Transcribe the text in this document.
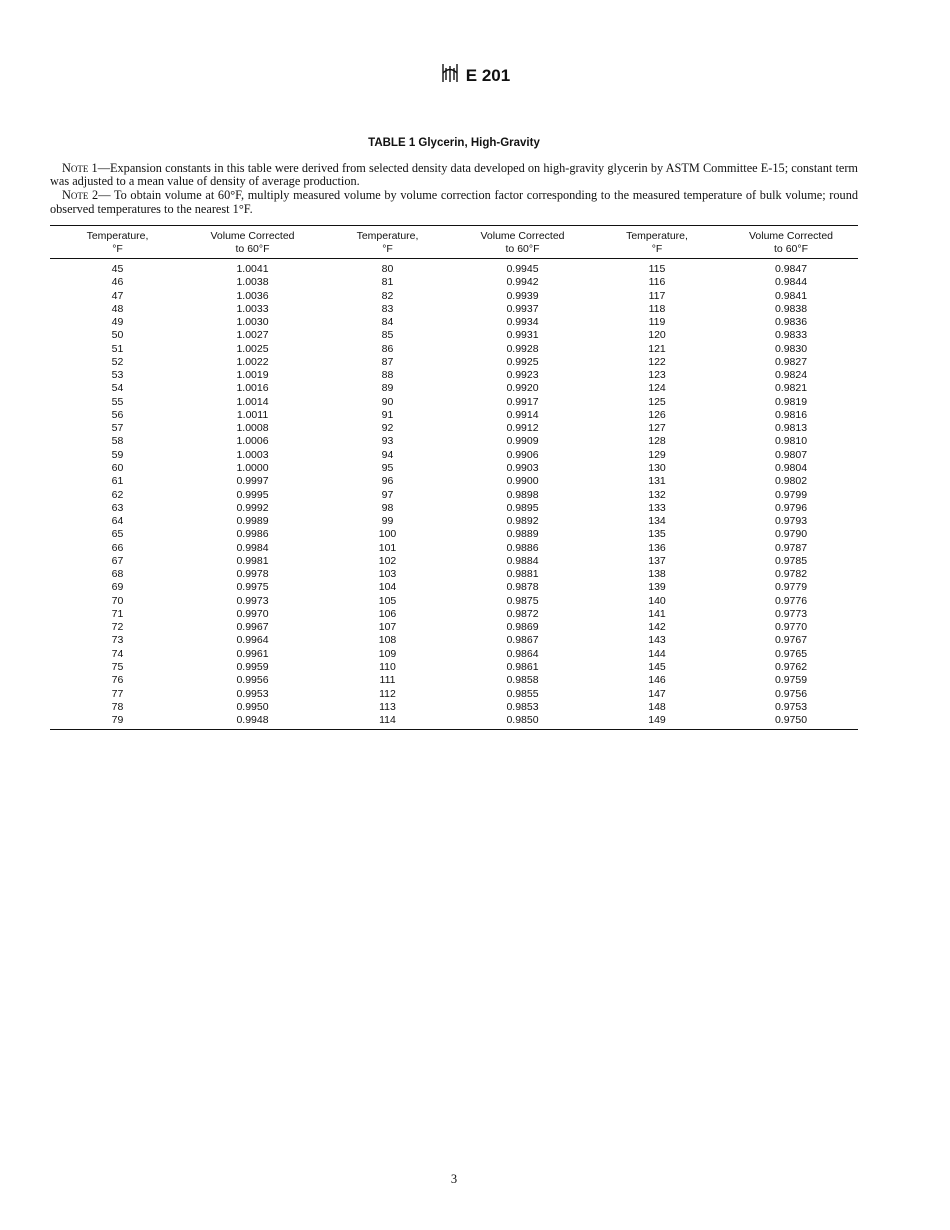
E 201
TABLE 1 Glycerin, High-Gravity

Note 1—Expansion constants in this table were derived from selected density data developed on high-gravity glycerin by ASTM Committee E-15; constant term was adjusted to a mean value of density of average production.

Note 2— To obtain volume at 60°F, multiply measured volume by volume correction factor corresponding to the measured temperature of bulk volume; round observed temperatures to the nearest 1°F.

Temperature,
°F
Volume Corrected
to 60°F
Temperature,
°F
Volume Corrected
to 60°F
Temperature,
°F
Volume Corrected
to 60°F
45	1.0041	80	0.9945	115	0.9847
46	1.0038	81	0.9942	116	0.9844
47	1.0036	82	0.9939	117	0.9841
48	1.0033	83	0.9937	118	0.9838
49	1.0030	84	0.9934	119	0.9836
50	1.0027	85	0.9931	120	0.9833
51	1.0025	86	0.9928	121	0.9830
52	1.0022	87	0.9925	122	0.9827
53	1.0019	88	0.9923	123	0.9824
54	1.0016	89	0.9920	124	0.9821
55	1.0014	90	0.9917	125	0.9819
56	1.0011	91	0.9914	126	0.9816
57	1.0008	92	0.9912	127	0.9813
58	1.0006	93	0.9909	128	0.9810
59	1.0003	94	0.9906	129	0.9807
60	1.0000	95	0.9903	130	0.9804
61	0.9997	96	0.9900	131	0.9802
62	0.9995	97	0.9898	132	0.9799
63	0.9992	98	0.9895	133	0.9796
64	0.9989	99	0.9892	134	0.9793
65	0.9986	100	0.9889	135	0.9790
66	0.9984	101	0.9886	136	0.9787
67	0.9981	102	0.9884	137	0.9785
68	0.9978	103	0.9881	138	0.9782
69	0.9975	104	0.9878	139	0.9779
70	0.9973	105	0.9875	140	0.9776
71	0.9970	106	0.9872	141	0.9773
72	0.9967	107	0.9869	142	0.9770
73	0.9964	108	0.9867	143	0.9767
74	0.9961	109	0.9864	144	0.9765
75	0.9959	110	0.9861	145	0.9762
76	0.9956	111	0.9858	146	0.9759
77	0.9953	112	0.9855	147	0.9756
78	0.9950	113	0.9853	148	0.9753
79	0.9948	114	0.9850	149	0.9750
3
